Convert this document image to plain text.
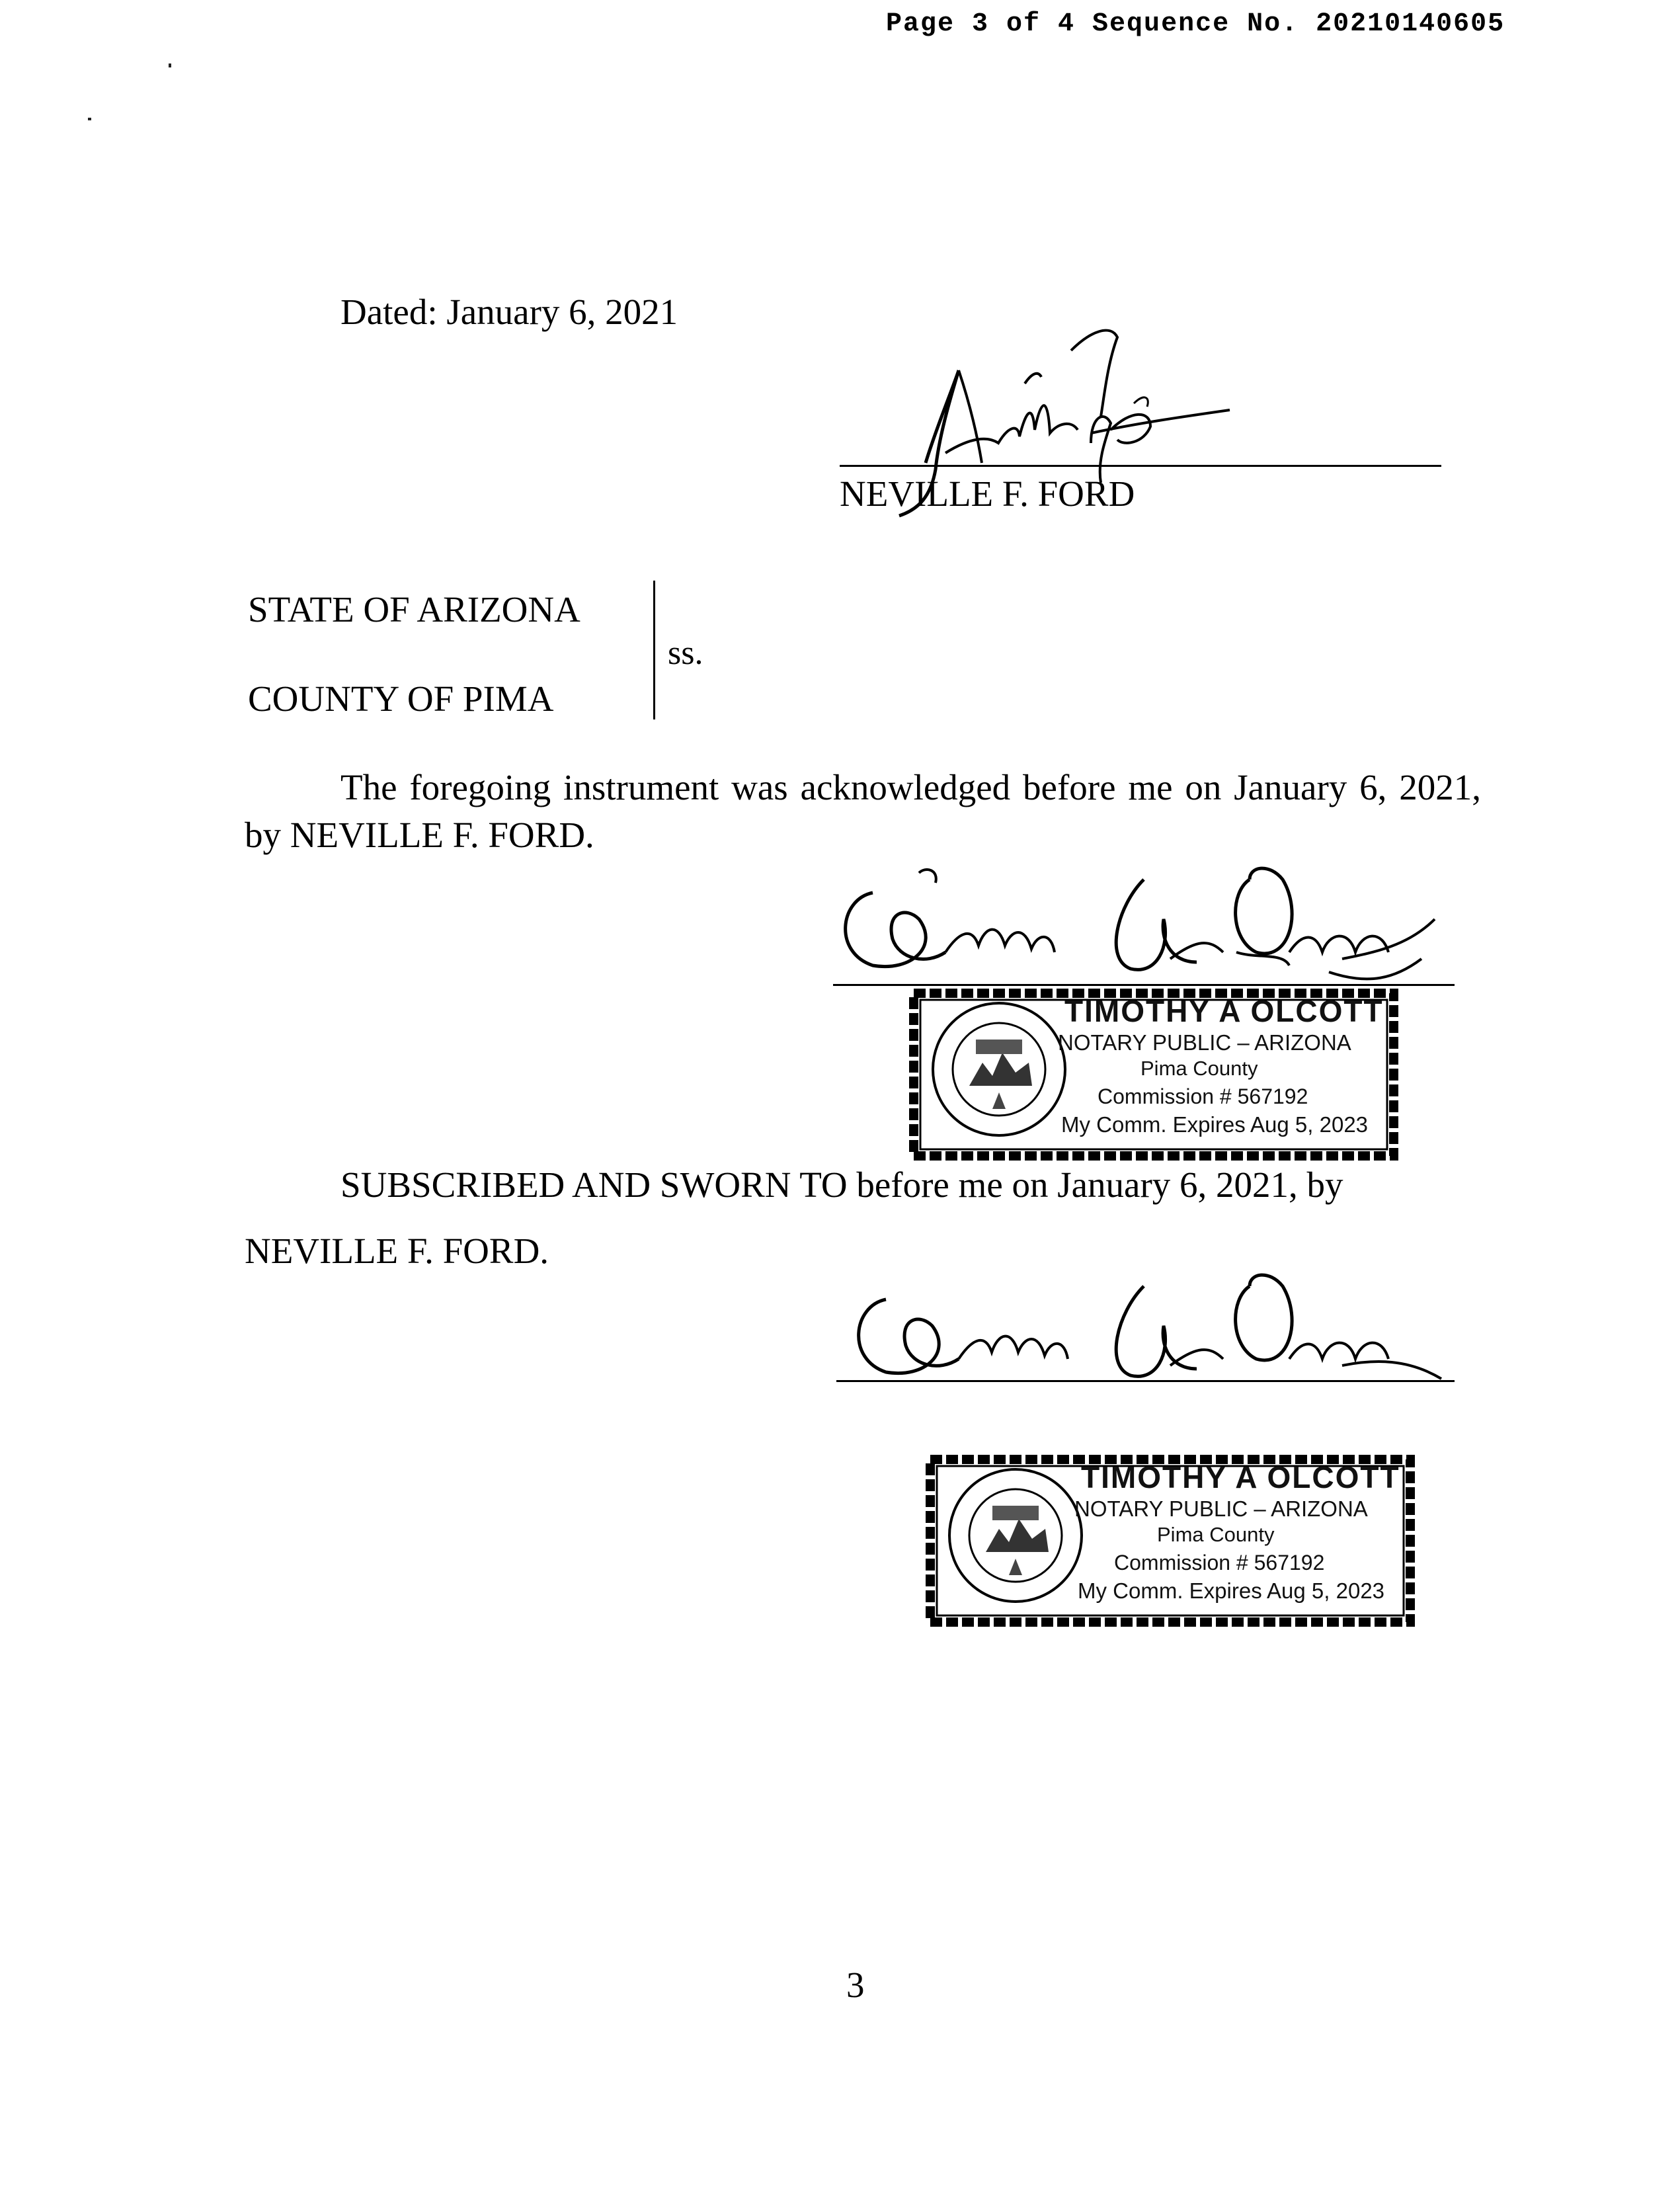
Page 3 of 4 Sequence No. 20210140605
Dated: January 6, 2021
NEVILLE F. FORD
STATE OF ARIZONA
COUNTY OF PIMA
ss.
The foregoing instrument was acknowledged before me on January 6, 2021, by NEVILLE F. FORD.
TIMOTHY A OLCOTT
NOTARY PUBLIC – ARIZONA
Pima County
Commission # 567192
My Comm. Expires Aug 5, 2023
SUBSCRIBED AND SWORN TO before me on January 6, 2021, by
NEVILLE F. FORD.
TIMOTHY A OLCOTT
NOTARY PUBLIC – ARIZONA
Pima County
Commission # 567192
My Comm. Expires Aug 5, 2023
3
